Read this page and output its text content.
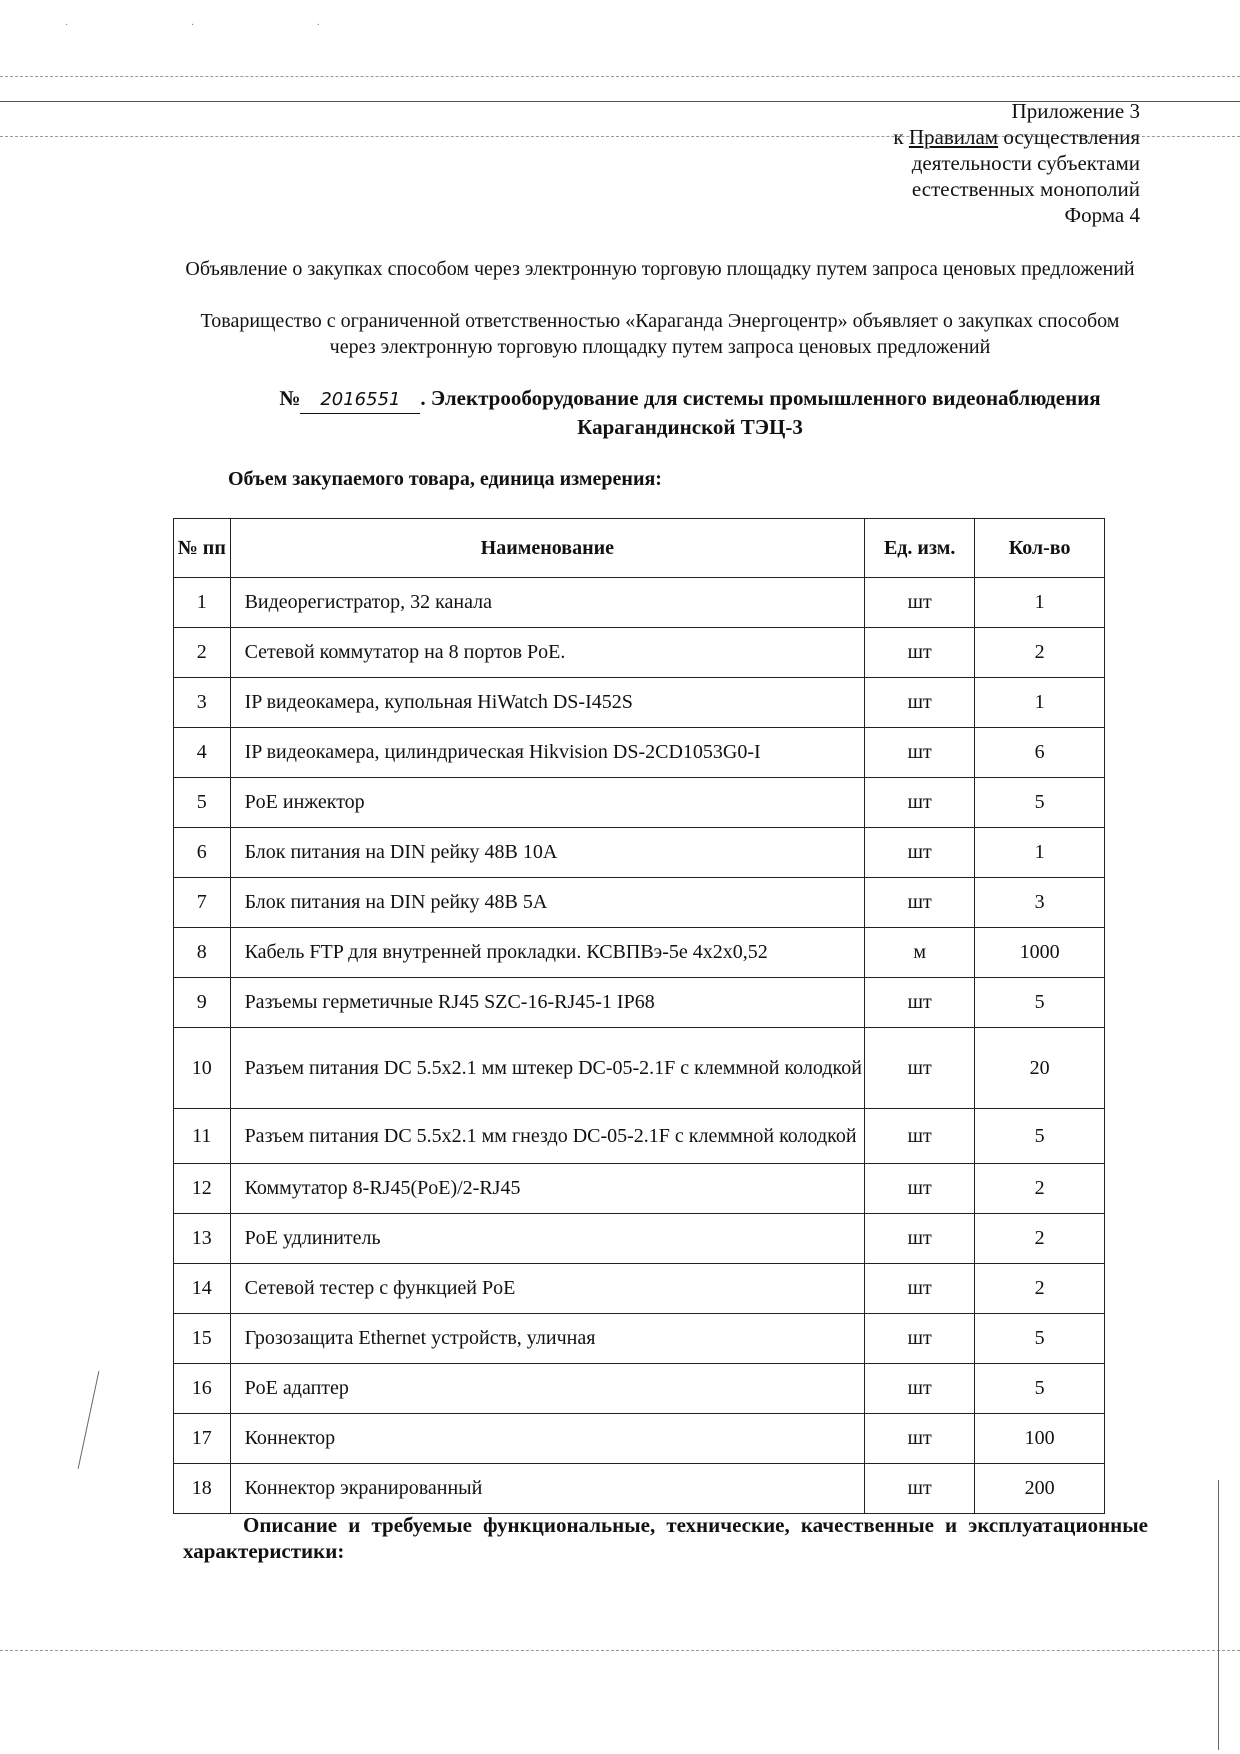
· · ·
Приложение 3
к Правилам осуществления
деятельности субъектами
естественных монополий
Форма 4
Объявление о закупках способом через электронную торговую площадку путем запроса ценовых предложений
Товарищество с ограниченной ответственностью «Караганда Энергоцентр» объявляет о закупках способом через электронную торговую площадку путем запроса ценовых предложений
№ 2016551 . Электрооборудование для системы промышленного видеонаблюдения Карагандинской ТЭЦ-3
Объем закупаемого товара, единица измерения:
№ пп	Наименование	Ед. изм.	Кол-во
1	Видеорегистратор, 32 канала	шт	1
2	Сетевой коммутатор на 8 портов PoE.	шт	2
3	IP видеокамера, купольная HiWatch DS-I452S	шт	1
4	IP видеокамера, цилиндрическая Hikvision DS-2CD1053G0-I	шт	6
5	PoE инжектор	шт	5
6	Блок питания на DIN рейку 48В 10А	шт	1
7	Блок питания на DIN рейку 48В 5А	шт	3
8	Кабель FTP для внутренней прокладки. КСВПВэ-5е 4х2х0,52	м	1000
9	Разъемы герметичные RJ45 SZC-16-RJ45-1 IP68	шт	5
10	Разъем питания DC 5.5x2.1 мм штекер DC-05-2.1F с клеммной колодкой	шт	20
11	Разъем питания DC 5.5x2.1 мм гнездо DC-05-2.1F с клеммной колодкой	шт	5
12	Коммутатор 8-RJ45(PoE)/2-RJ45	шт	2
13	PoE удлинитель	шт	2
14	Сетевой тестер с функцией PoE	шт	2
15	Грозозащита Ethernet устройств, уличная	шт	5
16	PoE адаптер	шт	5
17	Коннектор	шт	100
18	Коннектор экранированный	шт	200
Описание и требуемые функциональные, технические, качественные и эксплуатационные характеристики:
